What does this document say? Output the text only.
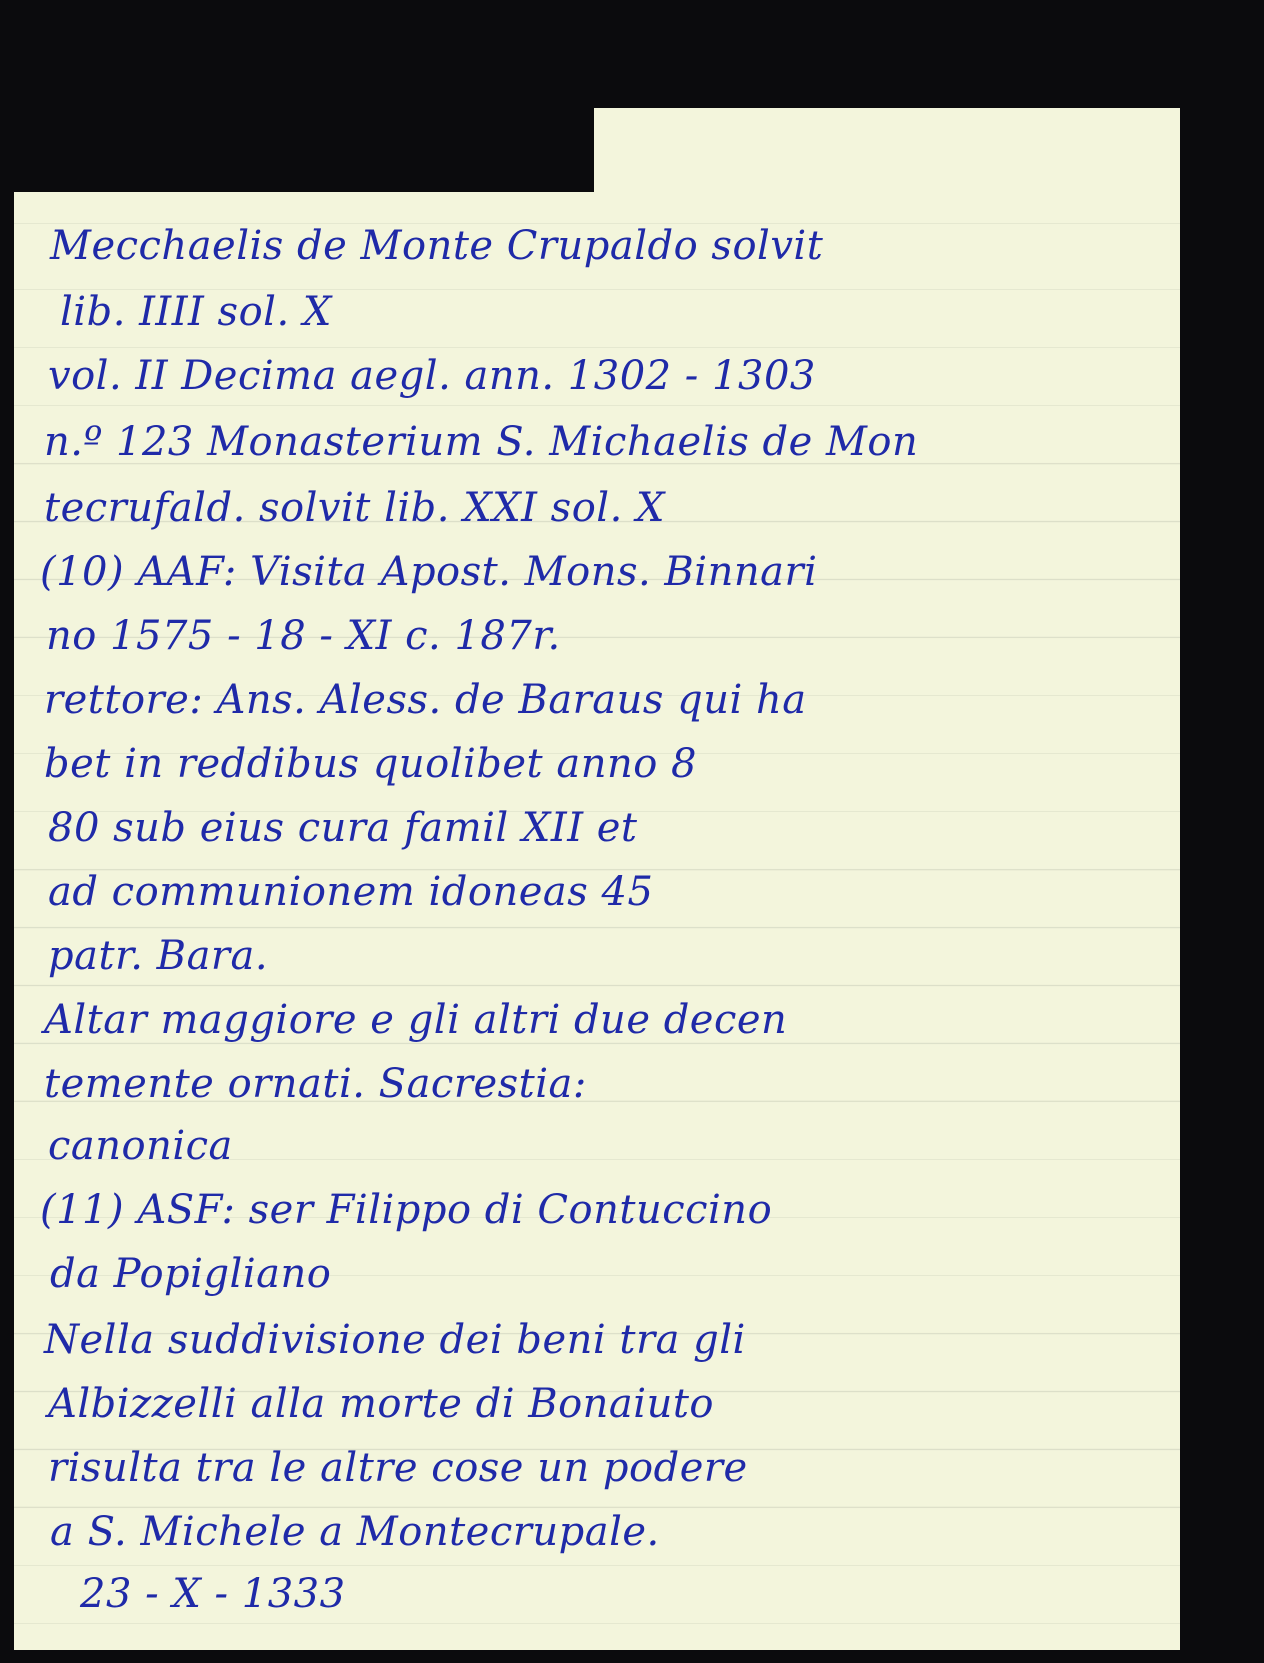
Mecchaelis de Monte Crupaldo solvit
lib. IIII sol. X
vol. II Decima aegl. ann. 1302 - 1303
n.º 123 Monasterium S. Michaelis de Mon
tecrufald. solvit lib. XXI sol. X
(10) AAF: Visita Apost. Mons. Binnari
no 1575 - 18 - XI c. 187r.
rettore: Ans. Aless. de Baraus qui ha
bet in reddibus quolibet anno 8
80 sub eius cura famil XII et
ad communionem idoneas 45
patr. Bara.
Altar maggiore e gli altri due decen
temente ornati. Sacrestia:
canonica
(11) ASF: ser Filippo di Contuccino
da Popigliano
Nella suddivisione dei beni tra gli
Albizzelli alla morte di Bonaiuto
risulta tra le altre cose un podere
a S. Michele a Montecrupale.
23 - X - 1333
